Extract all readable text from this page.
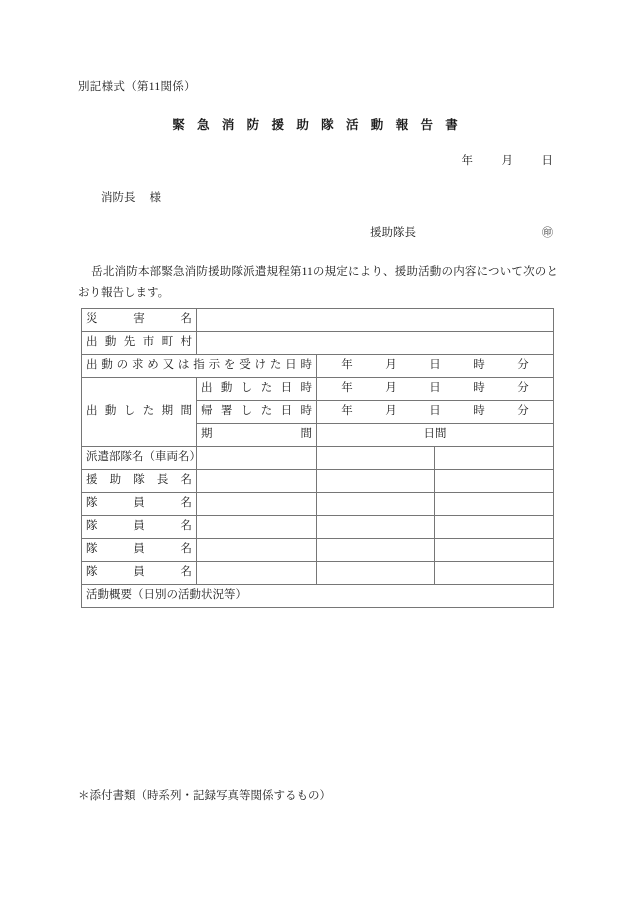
別記様式（第11関係）
緊 急 消 防 援 助 隊 活 動 報 告 書
年 月 日
消防長 様
援助隊長	㊞
岳北消防本部緊急消防援助隊派遣規程第11の規定により、援助活動の内容について次のとおり報告します。
災　　害　　名			

出 動 先 市 町 村			

出 動 の 求 め 又 は 指 示 を 受 け た 日 時		年 月 日 時 分	

出 動 し た 期 間	出 動 し た 日 時	年 月 日 時 分	

	帰 署 し た 日 時	年 月 日 時 分	

	期　　　　　間	日間	
派遣部隊名（車両名）			

援　助　隊　長　名			

隊　　員　　名			

隊　　員　　名			

隊　　員　　名			

隊　　員　　名			

活動概要（日別の活動状況等）			
＊添付書類（時系列・記録写真等関係するもの）
